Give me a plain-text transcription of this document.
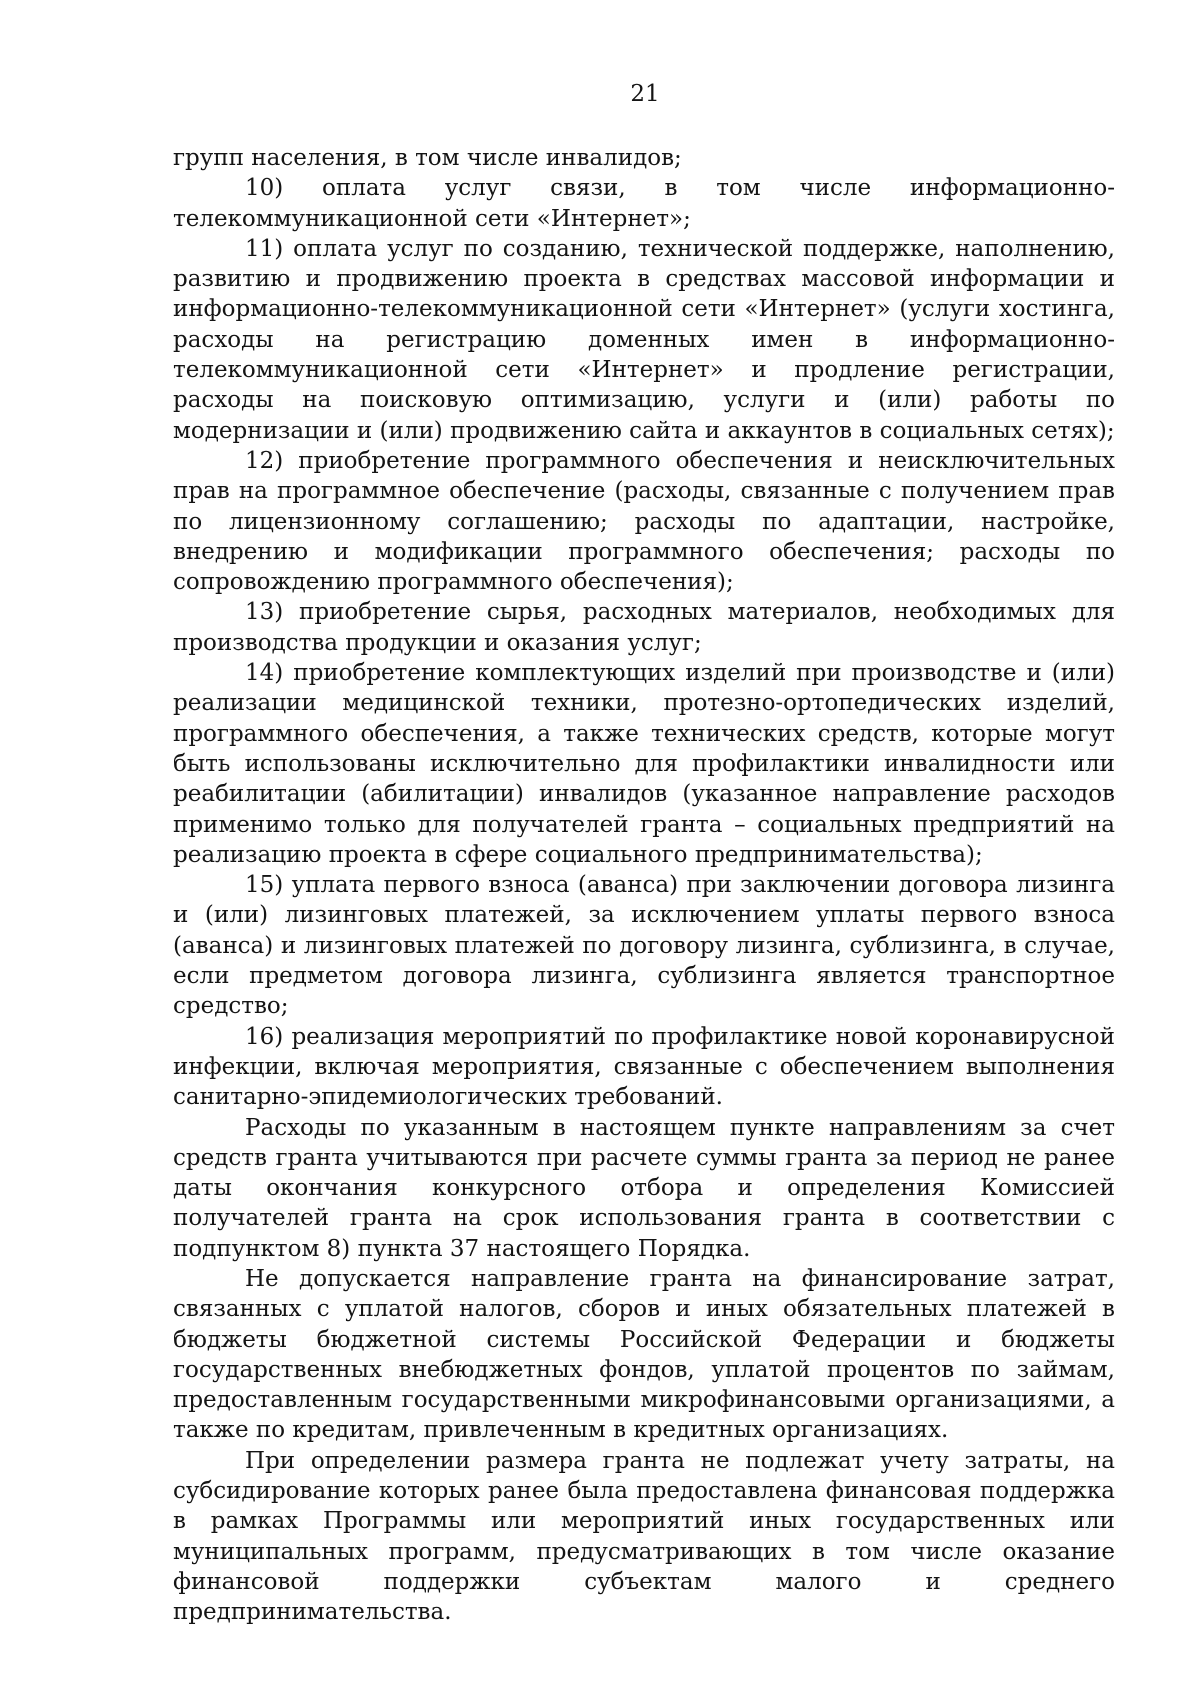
21

групп населения, в том числе инвалидов;

10) оплата услуг связи, в том числе информационно-телекоммуникационной сети «Интернет»;

11) оплата услуг по созданию, технической поддержке, наполнению, развитию и продвижению проекта в средствах массовой информации и информационно-телекоммуникационной сети «Интернет» (услуги хостинга, расходы на регистрацию доменных имен в информационно-телекоммуникационной сети «Интернет» и продление регистрации, расходы на поисковую оптимизацию, услуги и (или) работы по модернизации и (или) продвижению сайта и аккаунтов в социальных сетях);

12) приобретение программного обеспечения и неисключительных прав на программное обеспечение (расходы, связанные с получением прав по лицензионному соглашению; расходы по адаптации, настройке, внедрению и модификации программного обеспечения; расходы по сопровождению программного обеспечения);

13) приобретение сырья, расходных материалов, необходимых для производства продукции и оказания услуг;

14) приобретение комплектующих изделий при производстве и (или) реализации медицинской техники, протезно-ортопедических изделий, программного обеспечения, а также технических средств, которые могут быть использованы исключительно для профилактики инвалидности или реабилитации (абилитации) инвалидов (указанное направление расходов применимо только для получателей гранта – социальных предприятий на реализацию проекта в сфере социального предпринимательства);

15) уплата первого взноса (аванса) при заключении договора лизинга и (или) лизинговых платежей, за исключением уплаты первого взноса (аванса) и лизинговых платежей по договору лизинга, сублизинга, в случае, если предметом договора лизинга, сублизинга является транспортное средство;

16) реализация мероприятий по профилактике новой коронавирусной инфекции, включая мероприятия, связанные с обеспечением выполнения санитарно-эпидемиологических требований.

Расходы по указанным в настоящем пункте направлениям за счет средств гранта учитываются при расчете суммы гранта за период не ранее даты окончания конкурсного отбора и определения Комиссией получателей гранта на срок использования гранта в соответствии с подпунктом 8) пункта 37 настоящего Порядка.

Не допускается направление гранта на финансирование затрат, связанных с уплатой налогов, сборов и иных обязательных платежей в бюджеты бюджетной системы Российской Федерации и бюджеты государственных внебюджетных фондов, уплатой процентов по займам, предоставленным государственными микрофинансовыми организациями, а также по кредитам, привлеченным в кредитных организациях.

При определении размера гранта не подлежат учету затраты, на субсидирование которых ранее была предоставлена финансовая поддержка в рамках Программы или мероприятий иных государственных или муниципальных программ, предусматривающих в том числе оказание финансовой поддержки субъектам малого и среднего предпринимательства.
